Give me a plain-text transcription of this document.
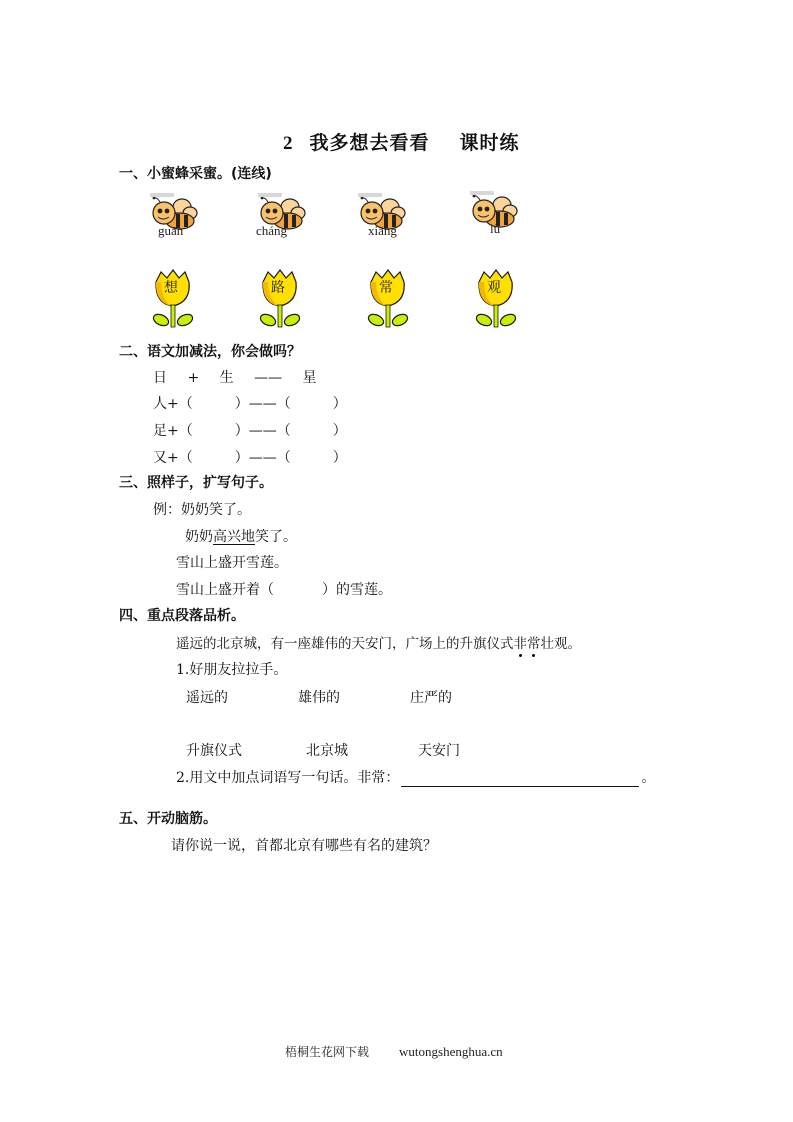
2 我多想去看看 课时练
一、小蜜蜂采蜜。(连线)
guān	cháng	xiǎng	lù
想	路	常	观
二、语文加减法，你会做吗？
日 + 生 —— 星
人+（　　　）——（　　　）
足+（　　　）——（　　　）
又+（　　　）——（　　　）
三、照样子，扩写句子。
例：奶奶笑了。
奶奶高兴地笑了。
雪山上盛开雪莲。
雪山上盛开着（	）的雪莲。
四、重点段落品析。
遥远的北京城，有一座雄伟的天安门，广场上的升旗仪式非常壮观。
1.好朋友拉拉手。
遥远的	雄伟的	庄严的
升旗仪式	北京城	天安门
2.用文中加点词语写一句话。非常：	。
五、开动脑筋。
请你说一说，首都北京有哪些有名的建筑？
梧桐生花网下载 wutongshenghua.cn
